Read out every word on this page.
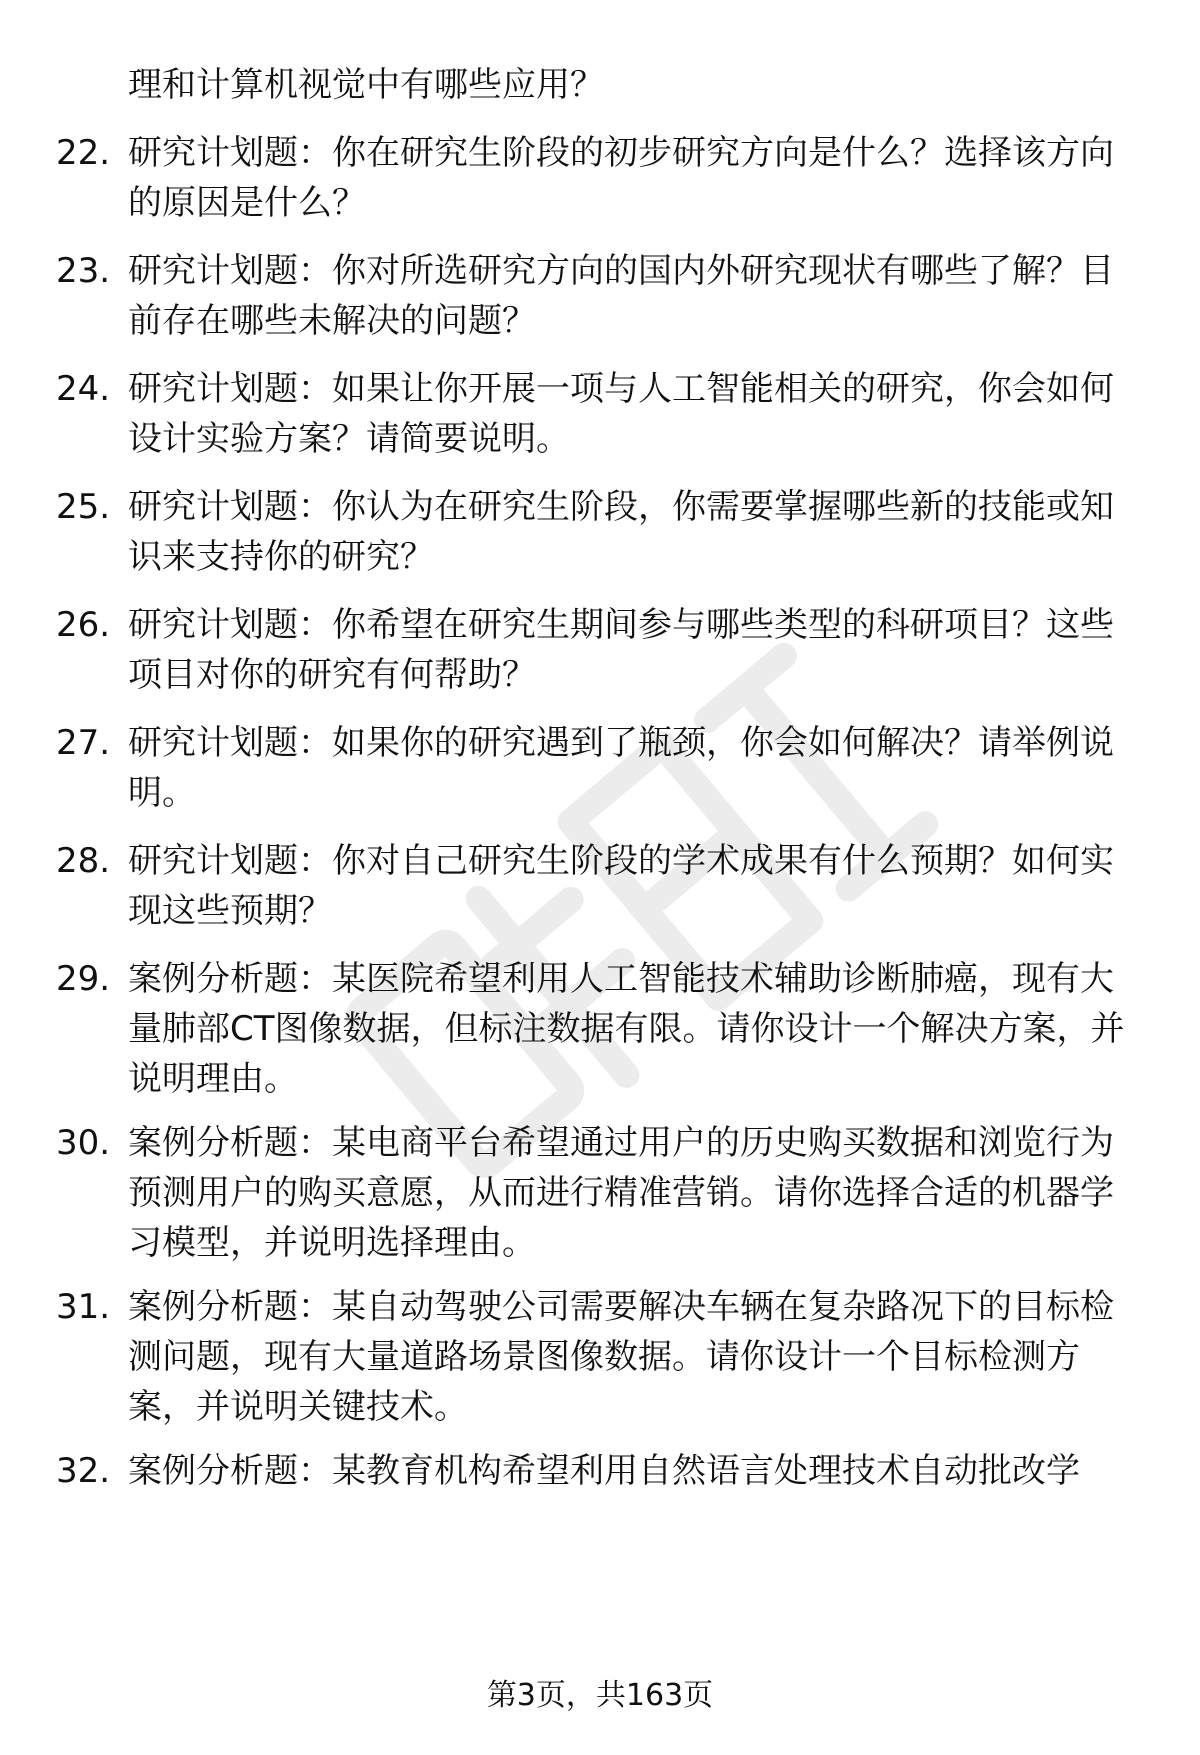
理和计算机视觉中有哪些应用？
22. 研究计划题：你在研究生阶段的初步研究方向是什么？选择该方向的原因是什么？
23. 研究计划题：你对所选研究方向的国内外研究现状有哪些了解？目前存在哪些未解决的问题？
24. 研究计划题：如果让你开展一项与人工智能相关的研究，你会如何设计实验方案？请简要说明。
25. 研究计划题：你认为在研究生阶段，你需要掌握哪些新的技能或知识来支持你的研究？
26. 研究计划题：你希望在研究生期间参与哪些类型的科研项目？这些项目对你的研究有何帮助？
27. 研究计划题：如果你的研究遇到了瓶颈，你会如何解决？请举例说明。
28. 研究计划题：你对自己研究生阶段的学术成果有什么预期？如何实现这些预期？
29. 案例分析题：某医院希望利用人工智能技术辅助诊断肺癌，现有大量肺部CT图像数据，但标注数据有限。请你设计一个解决方案，并说明理由。
30. 案例分析题：某电商平台希望通过用户的历史购买数据和浏览行为预测用户的购买意愿，从而进行精准营销。请你选择合适的机器学习模型，并说明选择理由。
31. 案例分析题：某自动驾驶公司需要解决车辆在复杂路况下的目标检测问题，现有大量道路场景图像数据。请你设计一个目标检测方案，并说明关键技术。
32. 案例分析题：某教育机构希望利用自然语言处理技术自动批改学
第3页，共163页
